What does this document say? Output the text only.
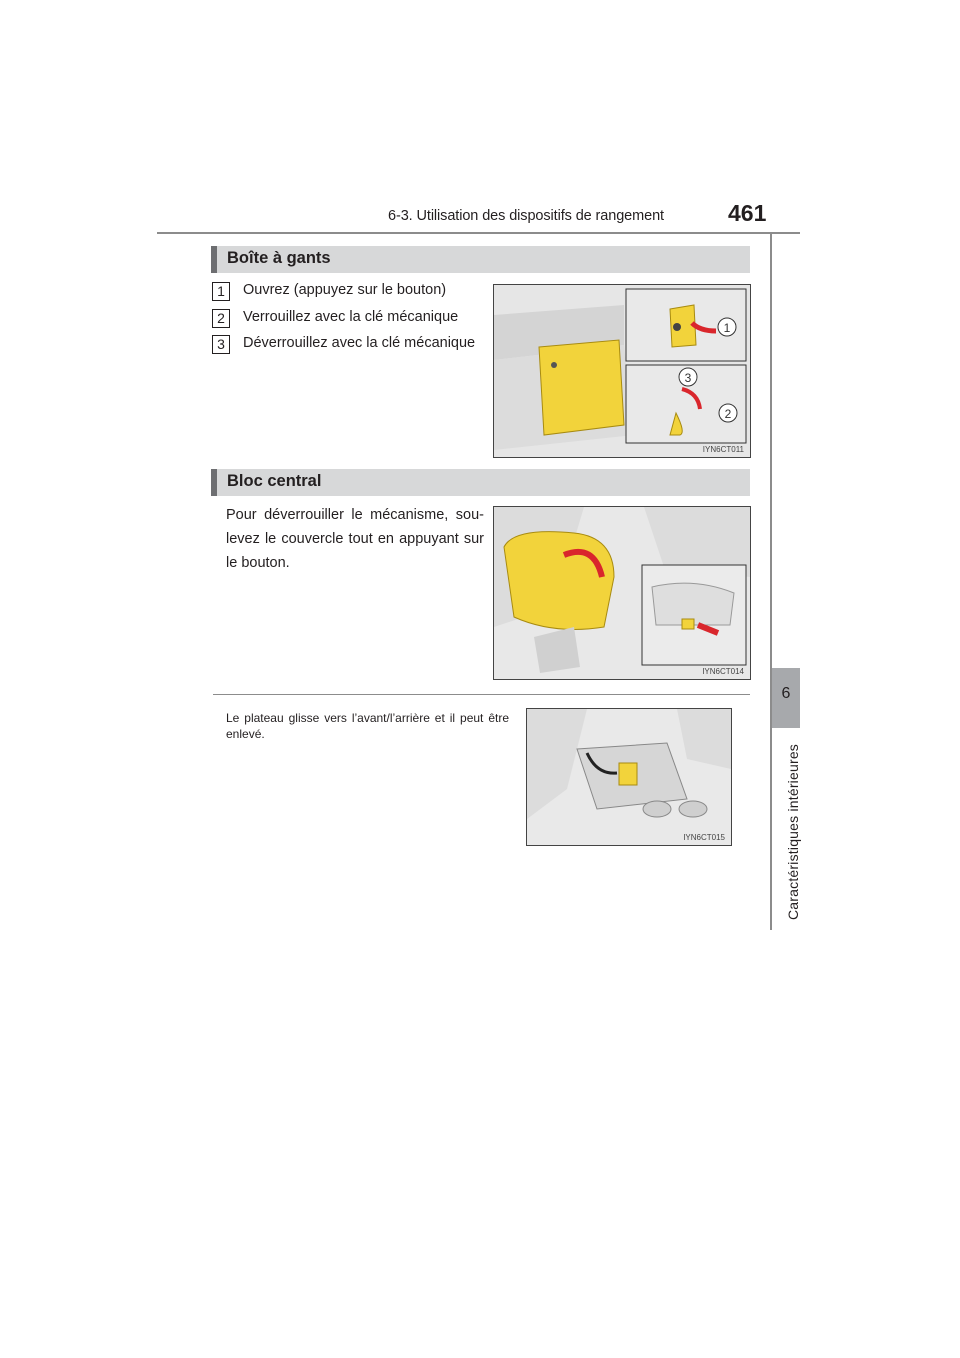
6-3. Utilisation des dispositifs de rangement	461
6
Caractéristiques intérieures
Boîte à gants
1	Ouvrez (appuyez sur le bouton)
2	Verrouillez avec la clé mécanique
3	Déverrouillez avec la clé mécanique
1
3
2
IYN6CT011
Bloc central
Pour déverrouiller le mécanisme, sou-levez le couvercle tout en appuyant sur le bouton.
IYN6CT014
Le plateau glisse vers l’avant/l’arrière et il peut être enlevé.
IYN6CT015
